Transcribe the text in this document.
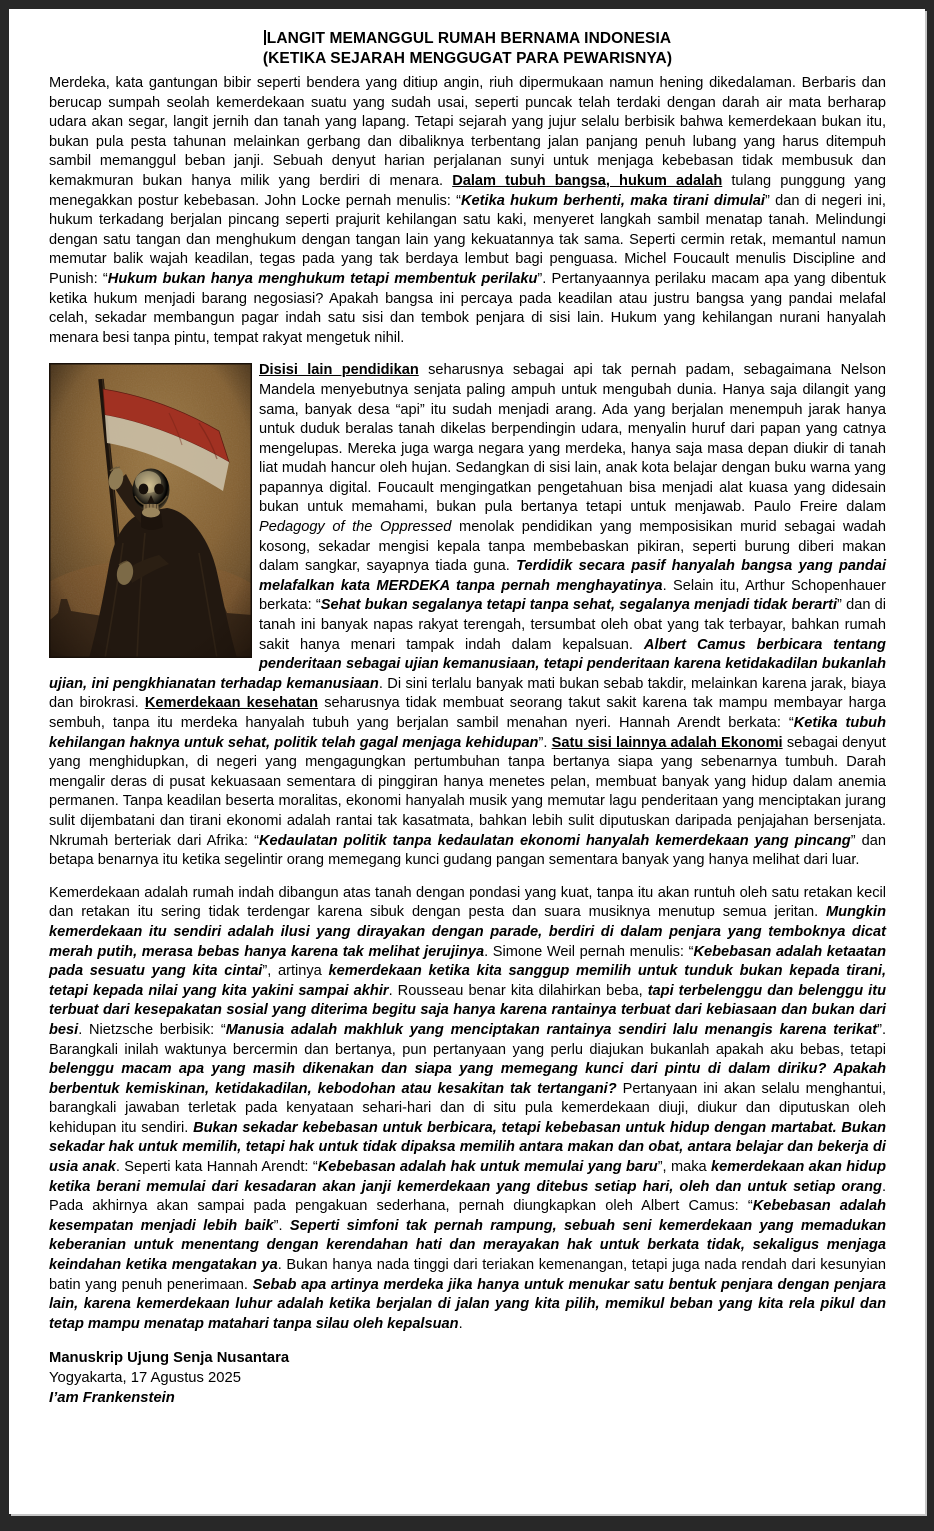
LANGIT MEMANGGUL RUMAH BERNAMA INDONESIA
(KETIKA SEJARAH MENGGUGAT PARA PEWARISNYA)

Merdeka, kata gantungan bibir seperti bendera yang ditiup angin, riuh dipermukaan namun hening dikedalaman. Berbaris dan berucap sumpah seolah kemerdekaan suatu yang sudah usai, seperti puncak telah terdaki dengan darah air mata berharap udara akan segar, langit jernih dan tanah yang lapang. Tetapi sejarah yang jujur selalu berbisik bahwa kemerdekaan bukan itu, bukan pula pesta tahunan melainkan gerbang dan dibaliknya terbentang jalan panjang penuh lubang yang harus ditempuh sambil memanggul beban janji. Sebuah denyut harian perjalanan sunyi untuk menjaga kebebasan tidak membusuk dan kemakmuran bukan hanya milik yang berdiri di menara. Dalam tubuh bangsa, hukum adalah tulang punggung yang menegakkan postur kebebasan. John Locke pernah menulis: “Ketika hukum berhenti, maka tirani dimulai” dan di negeri ini, hukum terkadang berjalan pincang seperti prajurit kehilangan satu kaki, menyeret langkah sambil menatap tanah. Melindungi dengan satu tangan dan menghukum dengan tangan lain yang kekuatannya tak sama. Seperti cermin retak, memantul namun memutar balik wajah keadilan, tegas pada yang tak berdaya lembut bagi penguasa. Michel Foucault menulis Discipline and Punish: “Hukum bukan hanya menghukum tetapi membentuk perilaku”. Pertanyaannya perilaku macam apa yang dibentuk ketika hukum menjadi barang negosiasi? Apakah bangsa ini percaya pada keadilan atau justru bangsa yang pandai melafal celah, sekadar membangun pagar indah satu sisi dan tembok penjara di sisi lain. Hukum yang kehilangan nurani hanyalah menara besi tanpa pintu, tempat rakyat mengetuk nihil.

Disisi lain pendidikan seharusnya sebagai api tak pernah padam, sebagaimana Nelson Mandela menyebutnya senjata paling ampuh untuk mengubah dunia. Hanya saja dilangit yang sama, banyak desa “api” itu sudah menjadi arang. Ada yang berjalan menempuh jarak hanya untuk duduk beralas tanah dikelas berpendingin udara, menyalin huruf dari papan yang catnya mengelupas. Mereka juga warga negara yang merdeka, hanya saja masa depan diukir di tanah liat mudah hancur oleh hujan. Sedangkan di sisi lain, anak kota belajar dengan buku warna yang papannya digital. Foucault mengingatkan pengetahuan bisa menjadi alat kuasa yang didesain bukan untuk memahami, bukan pula bertanya tetapi untuk menjawab. Paulo Freire dalam Pedagogy of the Oppressed menolak pendidikan yang memposisikan murid sebagai wadah kosong, sekadar mengisi kepala tanpa membebaskan pikiran, seperti burung diberi makan dalam sangkar, sayapnya tiada guna. Terdidik secara pasif hanyalah bangsa yang pandai melafalkan kata MERDEKA tanpa pernah menghayatinya. Selain itu, Arthur Schopenhauer berkata: “Sehat bukan segalanya tetapi tanpa sehat, segalanya menjadi tidak berarti” dan di tanah ini banyak napas rakyat terengah, tersumbat oleh obat yang tak terbayar, bahkan rumah sakit hanya menari tampak indah dalam kepalsuan. Albert Camus berbicara tentang penderitaan sebagai ujian kemanusiaan, tetapi penderitaan karena ketidakadilan bukanlah ujian, ini pengkhianatan terhadap kemanusiaan. Di sini terlalu banyak mati bukan sebab takdir, melainkan karena jarak, biaya dan birokrasi. Kemerdekaan kesehatan seharusnya tidak membuat seorang takut sakit karena tak mampu membayar harga sembuh, tanpa itu merdeka hanyalah tubuh yang berjalan sambil menahan nyeri. Hannah Arendt berkata: “Ketika tubuh kehilangan haknya untuk sehat, politik telah gagal menjaga kehidupan”. Satu sisi lainnya adalah Ekonomi sebagai denyut yang menghidupkan, di negeri yang mengagungkan pertumbuhan tanpa bertanya siapa yang sebenarnya tumbuh. Darah mengalir deras di pusat kekuasaan sementara di pinggiran hanya menetes pelan, membuat banyak yang hidup dalam anemia permanen. Tanpa keadilan beserta moralitas, ekonomi hanyalah musik yang memutar lagu penderitaan yang menciptakan jurang sulit dijembatani dan tirani ekonomi adalah rantai tak kasatmata, bahkan lebih sulit diputuskan daripada penjajahan bersenjata. Nkrumah berteriak dari Afrika: “Kedaulatan politik tanpa kedaulatan ekonomi hanyalah kemerdekaan yang pincang” dan betapa benarnya itu ketika segelintir orang memegang kunci gudang pangan sementara banyak yang hanya melihat dari luar.

Kemerdekaan adalah rumah indah dibangun atas tanah dengan pondasi yang kuat, tanpa itu akan runtuh oleh satu retakan kecil dan retakan itu sering tidak terdengar karena sibuk dengan pesta dan suara musiknya menutup semua jeritan. Mungkin kemerdekaan itu sendiri adalah ilusi yang dirayakan dengan parade, berdiri di dalam penjara yang temboknya dicat merah putih, merasa bebas hanya karena tak melihat jerujinya. Simone Weil pernah menulis: “Kebebasan adalah ketaatan pada sesuatu yang kita cintai”, artinya kemerdekaan ketika kita sanggup memilih untuk tunduk bukan kepada tirani, tetapi kepada nilai yang kita yakini sampai akhir. Rousseau benar kita dilahirkan beba, tapi terbelenggu dan belenggu itu terbuat dari kesepakatan sosial yang diterima begitu saja hanya karena rantainya terbuat dari kebiasaan dan bukan dari besi. Nietzsche berbisik: “Manusia adalah makhluk yang menciptakan rantainya sendiri lalu menangis karena terikat”. Barangkali inilah waktunya bercermin dan bertanya, pun pertanyaan yang perlu diajukan bukanlah apakah aku bebas, tetapi belenggu macam apa yang masih dikenakan dan siapa yang memegang kunci dari pintu di dalam diriku? Apakah berbentuk kemiskinan, ketidakadilan, kebodohan atau kesakitan tak tertangani? Pertanyaan ini akan selalu menghantui, barangkali jawaban terletak pada kenyataan sehari-hari dan di situ pula kemerdekaan diuji, diukur dan diputuskan oleh kehidupan itu sendiri. Bukan sekadar kebebasan untuk berbicara, tetapi kebebasan untuk hidup dengan martabat. Bukan sekadar hak untuk memilih, tetapi hak untuk tidak dipaksa memilih antara makan dan obat, antara belajar dan bekerja di usia anak. Seperti kata Hannah Arendt: “Kebebasan adalah hak untuk memulai yang baru”, maka kemerdekaan akan hidup ketika berani memulai dari kesadaran akan janji kemerdekaan yang ditebus setiap hari, oleh dan untuk setiap orang. Pada akhirnya akan sampai pada pengakuan sederhana, pernah diungkapkan oleh Albert Camus: “Kebebasan adalah kesempatan menjadi lebih baik”. Seperti simfoni tak pernah rampung, sebuah seni kemerdekaan yang memadukan keberanian untuk menentang dengan kerendahan hati dan merayakan hak untuk berkata tidak, sekaligus menjaga keindahan ketika mengatakan ya. Bukan hanya nada tinggi dari teriakan kemenangan, tetapi juga nada rendah dari kesunyian batin yang penuh penerimaan. Sebab apa artinya merdeka jika hanya untuk menukar satu bentuk penjara dengan penjara lain, karena kemerdekaan luhur adalah ketika berjalan di jalan yang kita pilih, memikul beban yang kita rela pikul dan tetap mampu menatap matahari tanpa silau oleh kepalsuan.

Manuskrip Ujung Senja Nusantara
Yogyakarta, 17 Agustus 2025
I’am Frankenstein
